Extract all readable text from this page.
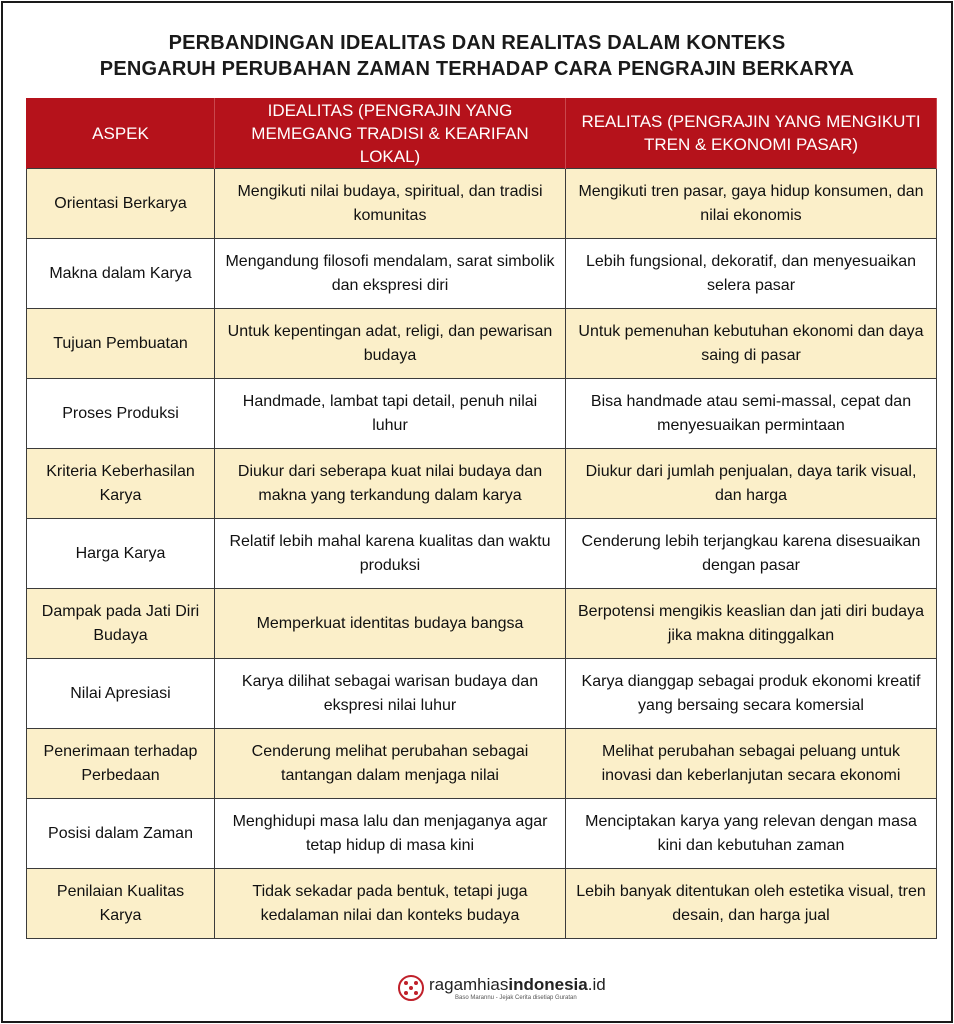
PERBANDINGAN IDEALITAS DAN REALITAS DALAM KONTEKS
PENGARUH PERUBAHAN ZAMAN TERHADAP CARA PENGRAJIN BERKARYA
ASPEK	IDEALITAS (PENGRAJIN YANG MEMEGANG TRADISI & KEARIFAN LOKAL)	REALITAS (PENGRAJIN YANG MENGIKUTI TREN & EKONOMI PASAR)
Orientasi Berkarya	Mengikuti nilai budaya, spiritual, dan tradisi komunitas	Mengikuti tren pasar, gaya hidup konsumen, dan nilai ekonomis
Makna dalam Karya	Mengandung filosofi mendalam, sarat simbolik dan ekspresi diri	Lebih fungsional, dekoratif, dan menyesuaikan selera pasar
Tujuan Pembuatan	Untuk kepentingan adat, religi, dan pewarisan budaya	Untuk pemenuhan kebutuhan ekonomi dan daya saing di pasar
Proses Produksi	Handmade, lambat tapi detail, penuh nilai luhur	Bisa handmade atau semi-massal, cepat dan menyesuaikan permintaan
Kriteria Keberhasilan Karya	Diukur dari seberapa kuat nilai budaya dan makna yang terkandung dalam karya	Diukur dari jumlah penjualan, daya tarik visual, dan harga
Harga Karya	Relatif lebih mahal karena kualitas dan waktu produksi	Cenderung lebih terjangkau karena disesuaikan dengan pasar
Dampak pada Jati Diri Budaya	Memperkuat identitas budaya bangsa	Berpotensi mengikis keaslian dan jati diri budaya jika makna ditinggalkan
Nilai Apresiasi	Karya dilihat sebagai warisan budaya dan ekspresi nilai luhur	Karya dianggap sebagai produk ekonomi kreatif yang bersaing secara komersial
Penerimaan terhadap Perbedaan	Cenderung melihat perubahan sebagai tantangan dalam menjaga nilai	Melihat perubahan sebagai peluang untuk inovasi dan keberlanjutan secara ekonomi
Posisi dalam Zaman	Menghidupi masa lalu dan menjaganya agar tetap hidup di masa kini	Menciptakan karya yang relevan dengan masa kini dan kebutuhan zaman
Penilaian Kualitas Karya	Tidak sekadar pada bentuk, tetapi juga kedalaman nilai dan konteks budaya	Lebih banyak ditentukan oleh estetika visual, tren desain, dan harga jual
ragamhiasindonesia.id
Baso Marannu - Jejak Cerita disetiap Guratan
